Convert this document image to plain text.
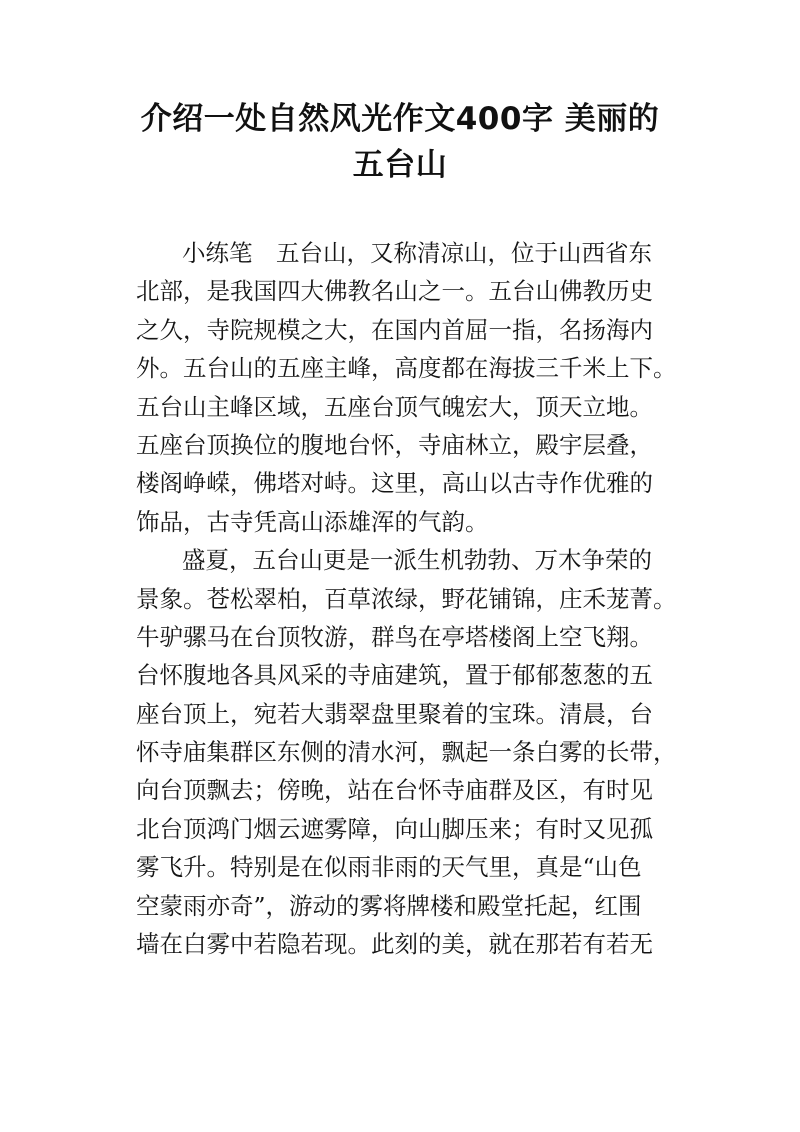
介绍一处自然风光作文400字 美丽的
五台山
小练笔　五台山，又称清凉山，位于山西省东
北部，是我国四大佛教名山之一。五台山佛教历史
之久，寺院规模之大，在国内首屈一指，名扬海内
外。五台山的五座主峰，高度都在海拔三千米上下。
五台山主峰区域，五座台顶气魄宏大，顶天立地。
五座台顶换位的腹地台怀，寺庙林立，殿宇层叠，
楼阁峥嵘，佛塔对峙。这里，高山以古寺作优雅的
饰品，古寺凭高山添雄浑的气韵。
盛夏，五台山更是一派生机勃勃、万木争荣的
景象。苍松翠柏，百草浓绿，野花铺锦，庄禾茏菁。
牛驴骡马在台顶牧游，群鸟在亭塔楼阁上空飞翔。
台怀腹地各具风采的寺庙建筑，置于郁郁葱葱的五
座台顶上，宛若大翡翠盘里聚着的宝珠。清晨，台
怀寺庙集群区东侧的清水河，飘起一条白雾的长带，
向台顶飘去；傍晚，站在台怀寺庙群及区，有时见
北台顶鸿门烟云遮雾障，向山脚压来；有时又见孤
雾飞升。特别是在似雨非雨的天气里，真是“山色
空蒙雨亦奇”，游动的雾将牌楼和殿堂托起，红围
墙在白雾中若隐若现。此刻的美，就在那若有若无
